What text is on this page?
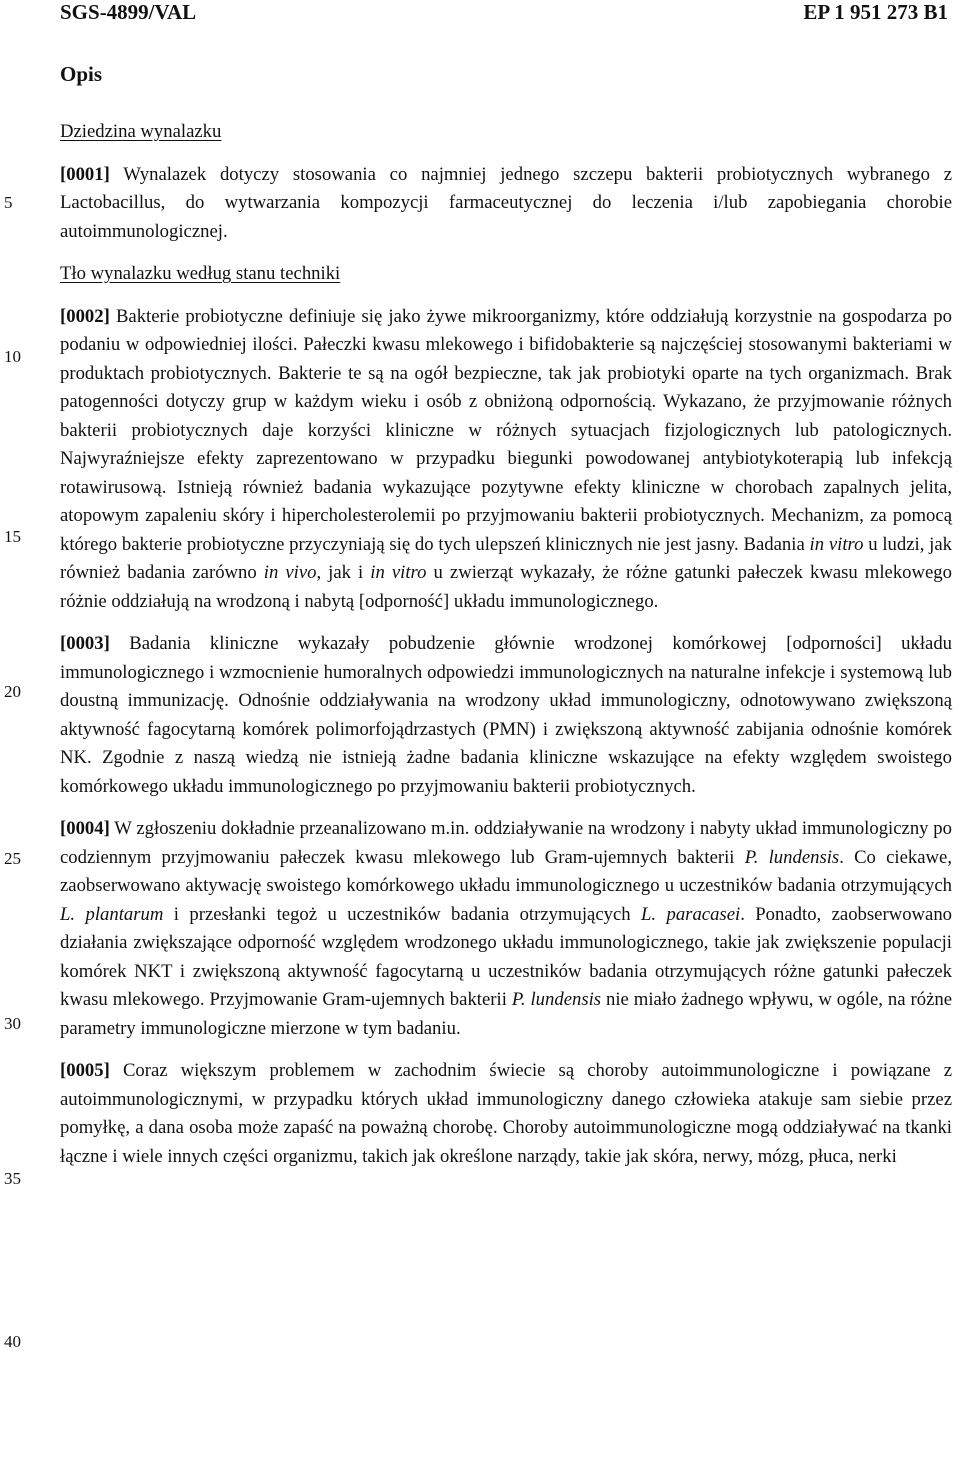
SGS-4899/VAL	EP 1 951 273 B1
Opis
5
10
15
20
25
30
35
40

Dziedzina wynalazku

[0001] Wynalazek dotyczy stosowania co najmniej jednego szczepu bakterii probiotycznych wybranego z Lactobacillus, do wytwarzania kompozycji farmaceutycznej do leczenia i/lub zapobiegania chorobie autoimmunologicznej.

Tło wynalazku według stanu techniki

[0002] Bakterie probiotyczne definiuje się jako żywe mikroorganizmy, które oddziałują korzystnie na gospodarza po podaniu w odpowiedniej ilości. Pałeczki kwasu mlekowego i bifidobakterie są najczęściej stosowanymi bakteriami w produktach probiotycznych. Bakterie te są na ogół bezpieczne, tak jak probiotyki oparte na tych organizmach. Brak patogenności dotyczy grup w każdym wieku i osób z obniżoną odpornością. Wykazano, że przyjmowanie różnych bakterii probiotycznych daje korzyści kliniczne w różnych sytuacjach fizjologicznych lub patologicznych. Najwyraźniejsze efekty zaprezentowano w przypadku biegunki powodowanej antybiotykoterapią lub infekcją rotawirusową. Istnieją również badania wykazujące pozytywne efekty kliniczne w chorobach zapalnych jelita, atopowym zapaleniu skóry i hipercholesterolemii po przyjmowaniu bakterii probiotycznych. Mechanizm, za pomocą którego bakterie probiotyczne przyczyniają się do tych ulepszeń klinicznych nie jest jasny. Badania in vitro u ludzi, jak również badania zarówno in vivo, jak i in vitro u zwierząt wykazały, że różne gatunki pałeczek kwasu mlekowego różnie oddziałują na wrodzoną i nabytą [odporność] układu immunologicznego.

[0003] Badania kliniczne wykazały pobudzenie głównie wrodzonej komórkowej [odporności] układu immunologicznego i wzmocnienie humoralnych odpowiedzi immunologicznych na naturalne infekcje i systemową lub doustną immunizację. Odnośnie oddziaływania na wrodzony układ immunologiczny, odnotowywano zwiększoną aktywność fagocytarną komórek polimorfojądrzastych (PMN) i zwiększoną aktywność zabijania odnośnie komórek NK. Zgodnie z naszą wiedzą nie istnieją żadne badania kliniczne wskazujące na efekty względem swoistego komórkowego układu immunologicznego po przyjmowaniu bakterii probiotycznych.

[0004] W zgłoszeniu dokładnie przeanalizowano m.in. oddziaływanie na wrodzony i nabyty układ immunologiczny po codziennym przyjmowaniu pałeczek kwasu mlekowego lub Gram-ujemnych bakterii P. lundensis. Co ciekawe, zaobserwowano aktywację swoistego komórkowego układu immunologicznego u uczestników badania otrzymujących L. plantarum i przesłanki tegoż u uczestników badania otrzymujących L. paracasei. Ponadto, zaobserwowano działania zwiększające odporność względem wrodzonego układu immunologicznego, takie jak zwiększenie populacji komórek NKT i zwiększoną aktywność fagocytarną u uczestników badania otrzymujących różne gatunki pałeczek kwasu mlekowego. Przyjmowanie Gram-ujemnych bakterii P. lundensis nie miało żadnego wpływu, w ogóle, na różne parametry immunologiczne mierzone w tym badaniu.

[0005] Coraz większym problemem w zachodnim świecie są choroby autoimmunologiczne i powiązane z autoimmunologicznymi, w przypadku których układ immunologiczny danego człowieka atakuje sam siebie przez pomyłkę, a dana osoba może zapaść na poważną chorobę. Choroby autoimmunologiczne mogą oddziaływać na tkanki łączne i wiele innych części organizmu, takich jak określone narządy, takie jak skóra, nerwy, mózg, płuca, nerki
